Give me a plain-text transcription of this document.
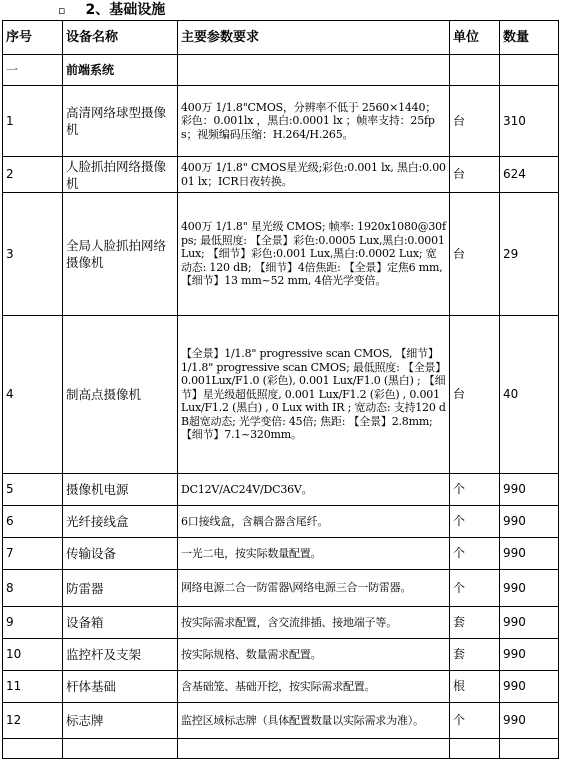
▫ 2、基础设施
序号	设备名称	主要参数要求	单位	数量
一	前端系统			
1	高清网络球型摄像机	400万 1/1.8"CMOS，分辨率不低于 2560×1440；彩色：0.001lx ，黑白:0.0001 lx ；帧率支持：25fps；视频编码压缩：H.264/H.265。	台	310
2	人脸抓拍网络摄像机	400万 1/1.8" CMOS星光级;彩色:0.001 lx, 黑白:0.0001 lx；ICR日夜转换。	台	624
3	全局人脸抓拍网络摄像机	400万 1/1.8" 星光级 CMOS; 帧率: 1920x1080@30fps; 最低照度: 【全景】彩色:0.0005 Lux,黑白:0.0001 Lux; 【细节】彩色:0.001 Lux,黑白:0.0002 Lux; 宽动态: 120 dB; 【细节】4倍焦距: 【全景】定焦6 mm, 【细节】13 mm~52 mm, 4倍光学变倍。	台	29
4	制高点摄像机	【全景】1/1.8" progressive scan CMOS, 【细节】1/1.8" progressive scan CMOS; 最低照度: 【全景】0.001Lux/F1.0 (彩色), 0.001 Lux/F1.0 (黑白) ; 【细节】星光级超低照度, 0.001 Lux/F1.2 (彩色) , 0.001 Lux/F1.2 (黑白) , 0 Lux with IR ; 宽动态: 支持120 dB超宽动态; 光学变倍: 45倍; 焦距: 【全景】2.8mm; 【细节】7.1~320mm。	台	40
5	摄像机电源	DC12V/AC24V/DC36V。	个	990
6	光纤接线盒	6口接线盒，含耦合器含尾纤。	个	990
7	传输设备	一光二电，按实际数量配置。	个	990
8	防雷器	网络电源二合一防雷器\网络电源三合一防雷器。	个	990
9	设备箱	按实际需求配置，含交流排插、接地端子等。	套	990
10	监控杆及支架	按实际规格、数量需求配置。	套	990
11	杆体基础	含基础笼、基础开挖，按实际需求配置。	根	990
12	标志牌	监控区域标志牌（具体配置数量以实际需求为准）。	个	990
